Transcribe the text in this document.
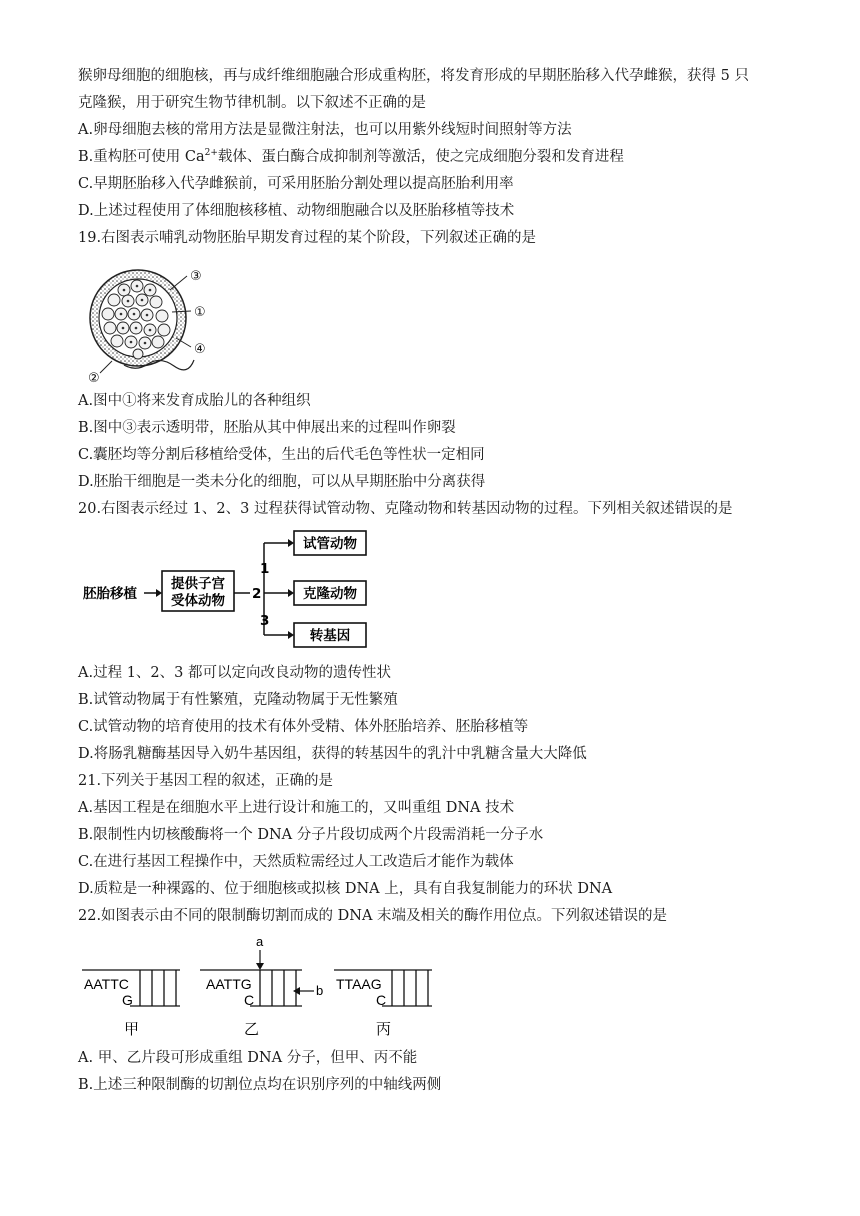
猴卵母细胞的细胞核，再与成纤维细胞融合形成重构胚，将发育形成的早期胚胎移入代孕雌猴，获得 5 只
克隆猴，用于研究生物节律机制。以下叙述不正确的是
A.卵母细胞去核的常用方法是显微注射法，也可以用紫外线短时间照射等方法
B.重构胚可使用 $Ca^{2+}$载体、蛋白酶合成抑制剂等激活，使之完成细胞分裂和发育进程
C.早期胚胎移入代孕雌猴前，可采用胚胎分割处理以提高胚胎利用率
D.上述过程使用了体细胞核移植、动物细胞融合以及胚胎移植等技术
19.右图表示哺乳动物胚胎早期发育过程的某个阶段，下列叙述正确的是
③
①
④
②
A.图中①将来发育成胎儿的各种组织
B.图中③表示透明带，胚胎从其中伸展出来的过程叫作卵裂
C.囊胚均等分割后移植给受体，生出的后代毛色等性状一定相同
D.胚胎干细胞是一类未分化的细胞，可以从早期胚胎中分离获得
20.右图表示经过 1、2、3 过程获得试管动物、克隆动物和转基因动物的过程。下列相关叙述错误的是
胚胎移植
提供子宫
受体动物
1
2
3
试管动物
克隆动物
转基因
A.过程 1、2、3 都可以定向改良动物的遗传性状
B.试管动物属于有性繁殖，克隆动物属于无性繁殖
C.试管动物的培育使用的技术有体外受精、体外胚胎培养、胚胎移植等
D.将肠乳糖酶基因导入奶牛基因组，获得的转基因牛的乳汁中乳糖含量大大降低
21.下列关于基因工程的叙述，正确的是
A.基因工程是在细胞水平上进行设计和施工的，又叫重组 DNA 技术
B.限制性内切核酸酶将一个 DNA 分子片段切成两个片段需消耗一分子水
C.在进行基因工程操作中，天然质粒需经过人工改造后才能作为载体
D.质粒是一种裸露的、位于细胞核或拟核 DNA 上，具有自我复制能力的环状 DNA
22.如图表示由不同的限制酶切割而成的 DNA 末端及相关的酶作用位点。下列叙述错误的是
AATTC
G
甲
AATTG
C
乙
a
b TTAAG
C
丙
A. 甲、乙片段可形成重组 DNA 分子，但甲、丙不能
B.上述三种限制酶的切割位点均在识别序列的中轴线两侧
